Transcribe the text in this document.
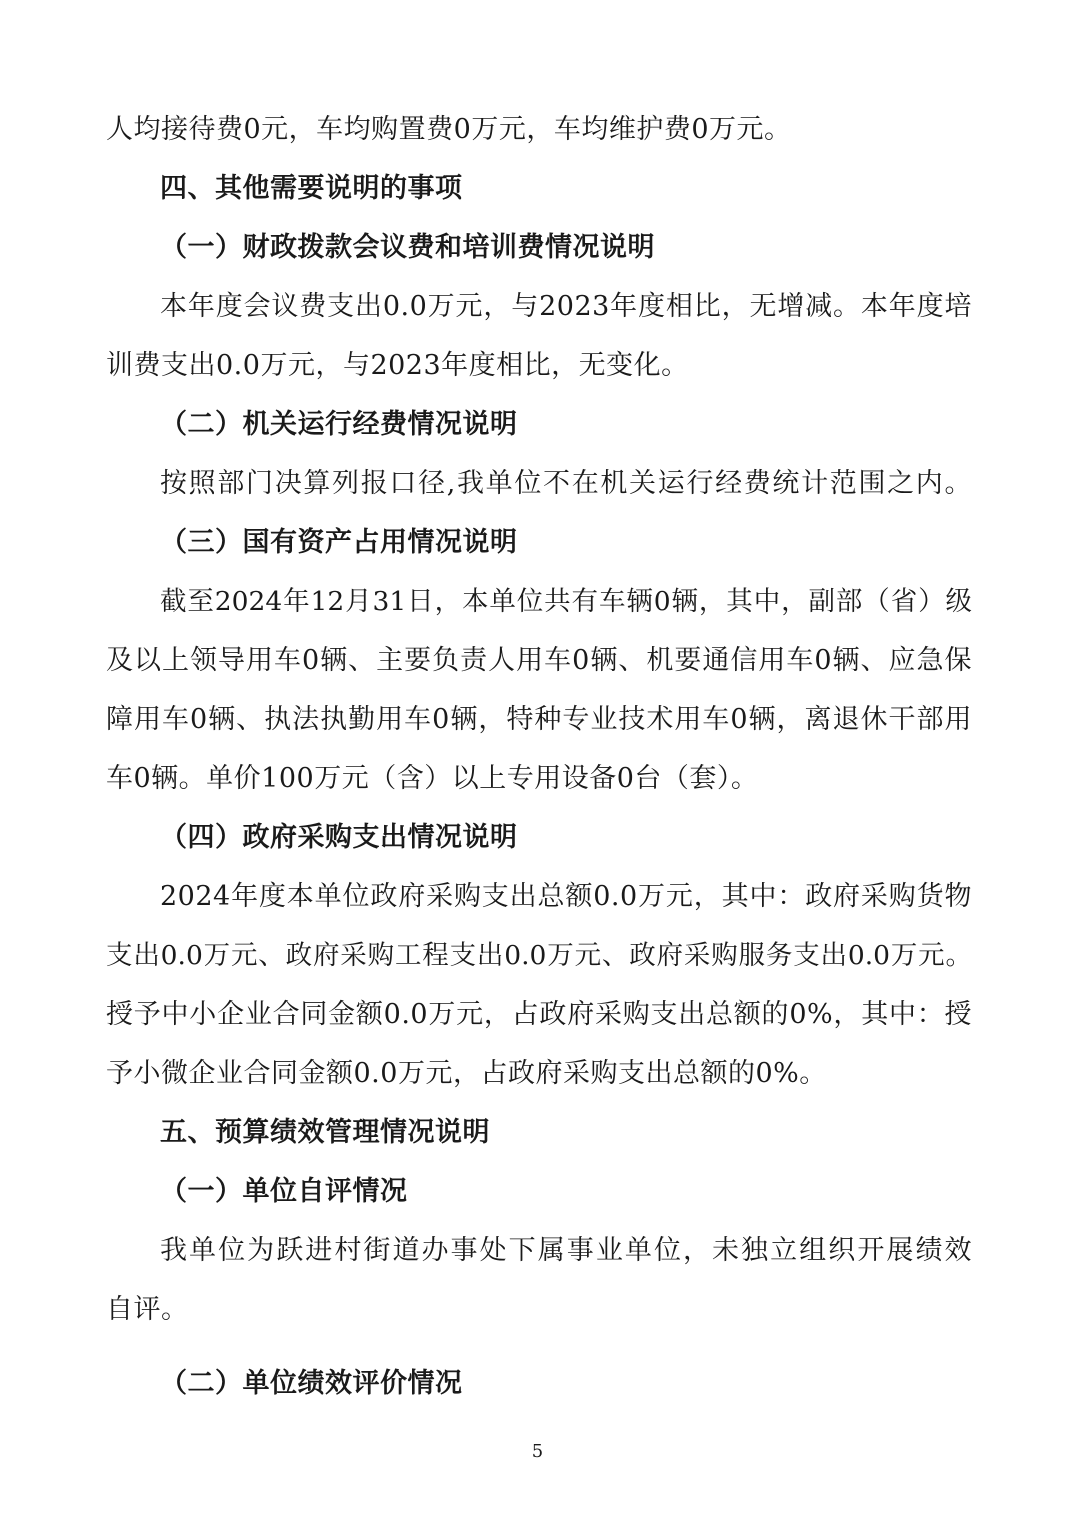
人均接待费0元，车均购置费0万元，车均维护费0万元。
四、其他需要说明的事项
（一）财政拨款会议费和培训费情况说明
本年度会议费支出0.0万元，与2023年度相比，无增减。本年度培
训费支出0.0万元，与2023年度相比，无变化。
（二）机关运行经费情况说明
按照部门决算列报口径,我单位不在机关运行经费统计范围之内。
（三）国有资产占用情况说明
截至2024年12月31日，本单位共有车辆0辆，其中，副部（省）级
及以上领导用车0辆、主要负责人用车0辆、机要通信用车0辆、应急保
障用车0辆、执法执勤用车0辆，特种专业技术用车0辆，离退休干部用
车0辆。单价100万元（含）以上专用设备0台（套）。
（四）政府采购支出情况说明
2024年度本单位政府采购支出总额0.0万元，其中：政府采购货物
支出0.0万元、政府采购工程支出0.0万元、政府采购服务支出0.0万元。
授予中小企业合同金额0.0万元，占政府采购支出总额的0%，其中：授
予小微企业合同金额0.0万元，占政府采购支出总额的0%。
五、预算绩效管理情况说明
（一）单位自评情况
我单位为跃进村街道办事处下属事业单位，未独立组织开展绩效
自评。
（二）单位绩效评价情况
5
